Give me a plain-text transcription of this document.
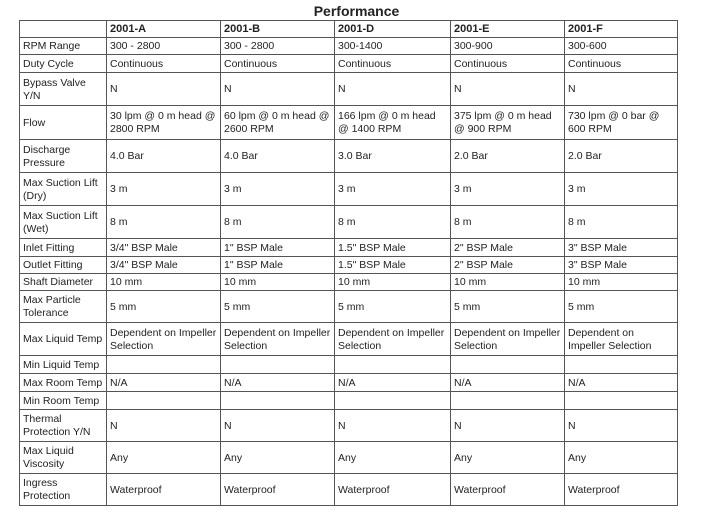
Performance
	2001-A	2001-B	2001-D	2001-E	2001-F
RPM Range	300 - 2800	300 - 2800	300-1400	300-900	300-600
Duty Cycle	Continuous	Continuous	Continuous	Continuous	Continuous
Bypass Valve Y/N	N	N	N	N	N
Flow	30 lpm @ 0 m head @ 2800 RPM	60 lpm @ 0 m head @ 2600 RPM	166 lpm @ 0 m head @ 1400 RPM	375 lpm @ 0 m head @ 900 RPM	730 lpm @ 0 bar @ 600 RPM
Discharge Pressure	4.0 Bar	4.0 Bar	3.0 Bar	2.0 Bar	2.0 Bar
Max Suction Lift (Dry)	3 m	3 m	3 m	3 m	3 m
Max Suction Lift (Wet)	8 m	8 m	8 m	8 m	8 m
Inlet Fitting	3/4" BSP Male	1" BSP Male	1.5" BSP Male	2" BSP Male	3" BSP Male
Outlet Fitting	3/4" BSP Male	1" BSP Male	1.5" BSP Male	2" BSP Male	3" BSP Male
Shaft Diameter	10 mm	10 mm	10 mm	10 mm	10 mm
Max Particle Tolerance	5 mm	5 mm	5 mm	5 mm	5 mm
Max Liquid Temp	Dependent on Impeller Selection	Dependent on Impeller Selection	Dependent on Impeller Selection	Dependent on Impeller Selection	Dependent on Impeller Selection
Min Liquid Temp					
Max Room Temp	N/A	N/A	N/A	N/A	N/A
Min Room Temp					
Thermal Protection Y/N	N	N	N	N	N
Max Liquid Viscosity	Any	Any	Any	Any	Any
Ingress Protection	Waterproof	Waterproof	Waterproof	Waterproof	Waterproof
